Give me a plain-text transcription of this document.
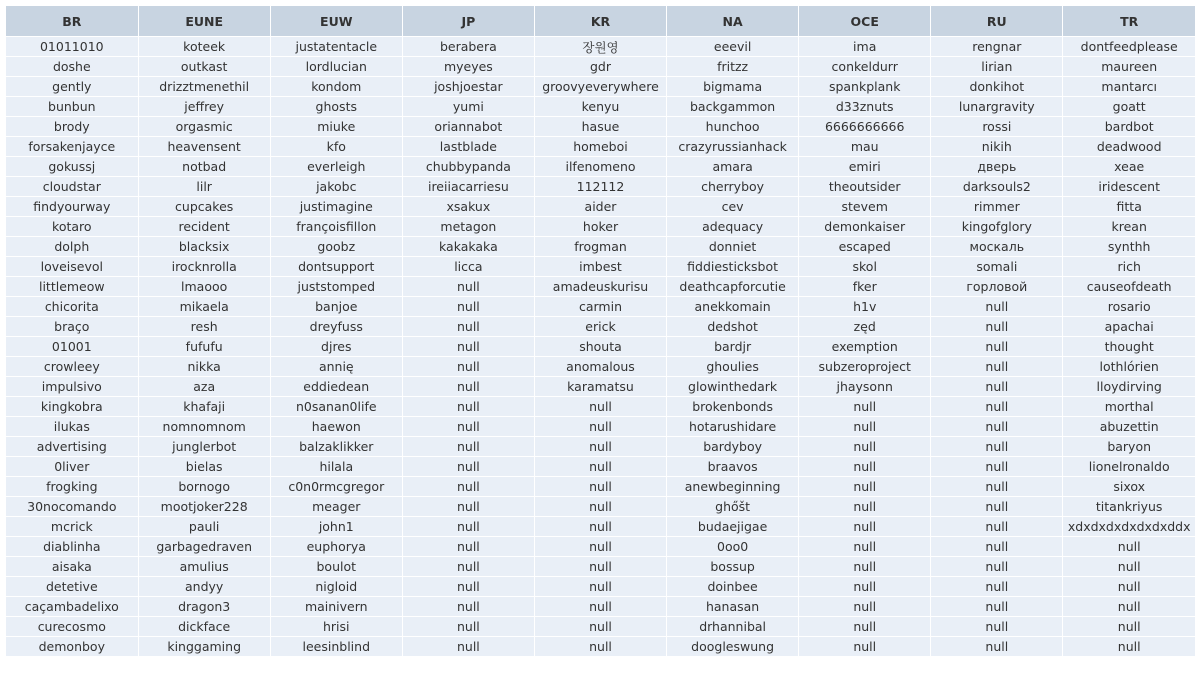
BR	EUNE	EUW	JP	KR	NA	OCE	RU	TR
01011010	koteek	justatentacle	berabera	장원영	eeevil	ima	rengnar	dontfeedplease
doshe	outkast	lordlucian	myeyes	gdr	fritzz	conkeldurr	lirian	maureen
gently	drizztmenethil	kondom	joshjoestar	groovyeverywhere	bigmama	spankplank	donkihot	mantarcı
bunbun	jeffrey	ghosts	yumi	kenyu	backgammon	d33znuts	lunargravity	goatt
brody	orgasmic	miuke	oriannabot	hasue	hunchoo	6666666666	rossi	bardbot
forsakenjayce	heavensent	kfo	lastblade	homeboi	crazyrussianhack	mau	nikih	deadwood
gokussj	notbad	everleigh	chubbypanda	ilfenomeno	amara	emiri	дверь	xeae
cloudstar	lilr	jakobc	ireiiacarriesu	112112	cherryboy	theoutsider	darksouls2	iridescent
findyourway	cupcakes	justimagine	xsakux	aider	cev	stevem	rimmer	fitta
kotaro	recident	françoisfillon	metagon	hoker	adequacy	demonkaiser	kingofglory	krean
dolph	blacksix	goobz	kakakaka	frogman	donniet	escaped	москаль	synthh
loveisevol	irocknrolla	dontsupport	licca	imbest	fiddiesticksbot	skol	somali	rich
littlemeow	lmaooo	juststomped	null	amadeuskurisu	deathcapforcutie	fker	горловой	causeofdeath
chicorita	mikaela	banjoe	null	carmin	anekkomain	h1v	null	rosario
braço	resh	dreyfuss	null	erick	dedshot	zęd	null	apachai
01001	fufufu	djres	null	shouta	bardjr	exemption	null	thought
crowleey	nikka	annię	null	anomalous	ghoulies	subzeroproject	null	lothlórien
impulsivo	aza	eddiedean	null	karamatsu	glowinthedark	jhaysonn	null	lloydirving
kingkobra	khafaji	n0sanan0life	null	null	brokenbonds	null	null	morthal
ilukas	nomnomnom	haewon	null	null	hotarushidare	null	null	abuzettin
advertising	junglerbot	balzaklikker	null	null	bardyboy	null	null	baryon
0liver	bielas	hilala	null	null	braavos	null	null	lionelronaldo
frogking	bornogo	c0n0rmcgregor	null	null	anewbeginning	null	null	sixox
30nocomando	mootjoker228	meager	null	null	ghőšt	null	null	titankriyus
mcrick	pauli	john1	null	null	budaejigae	null	null	xdxdxdxdxdxdxddx
diablinha	garbagedraven	euphorya	null	null	0oo0	null	null	null
aisaka	amulius	boulot	null	null	bossup	null	null	null
detetive	andyy	nigloid	null	null	doinbee	null	null	null
caçambadelixo	dragon3	mainivern	null	null	hanasan	null	null	null
curecosmo	dickface	hrisi	null	null	drhannibal	null	null	null
demonboy	kinggaming	leesinblind	null	null	doogleswung	null	null	null
